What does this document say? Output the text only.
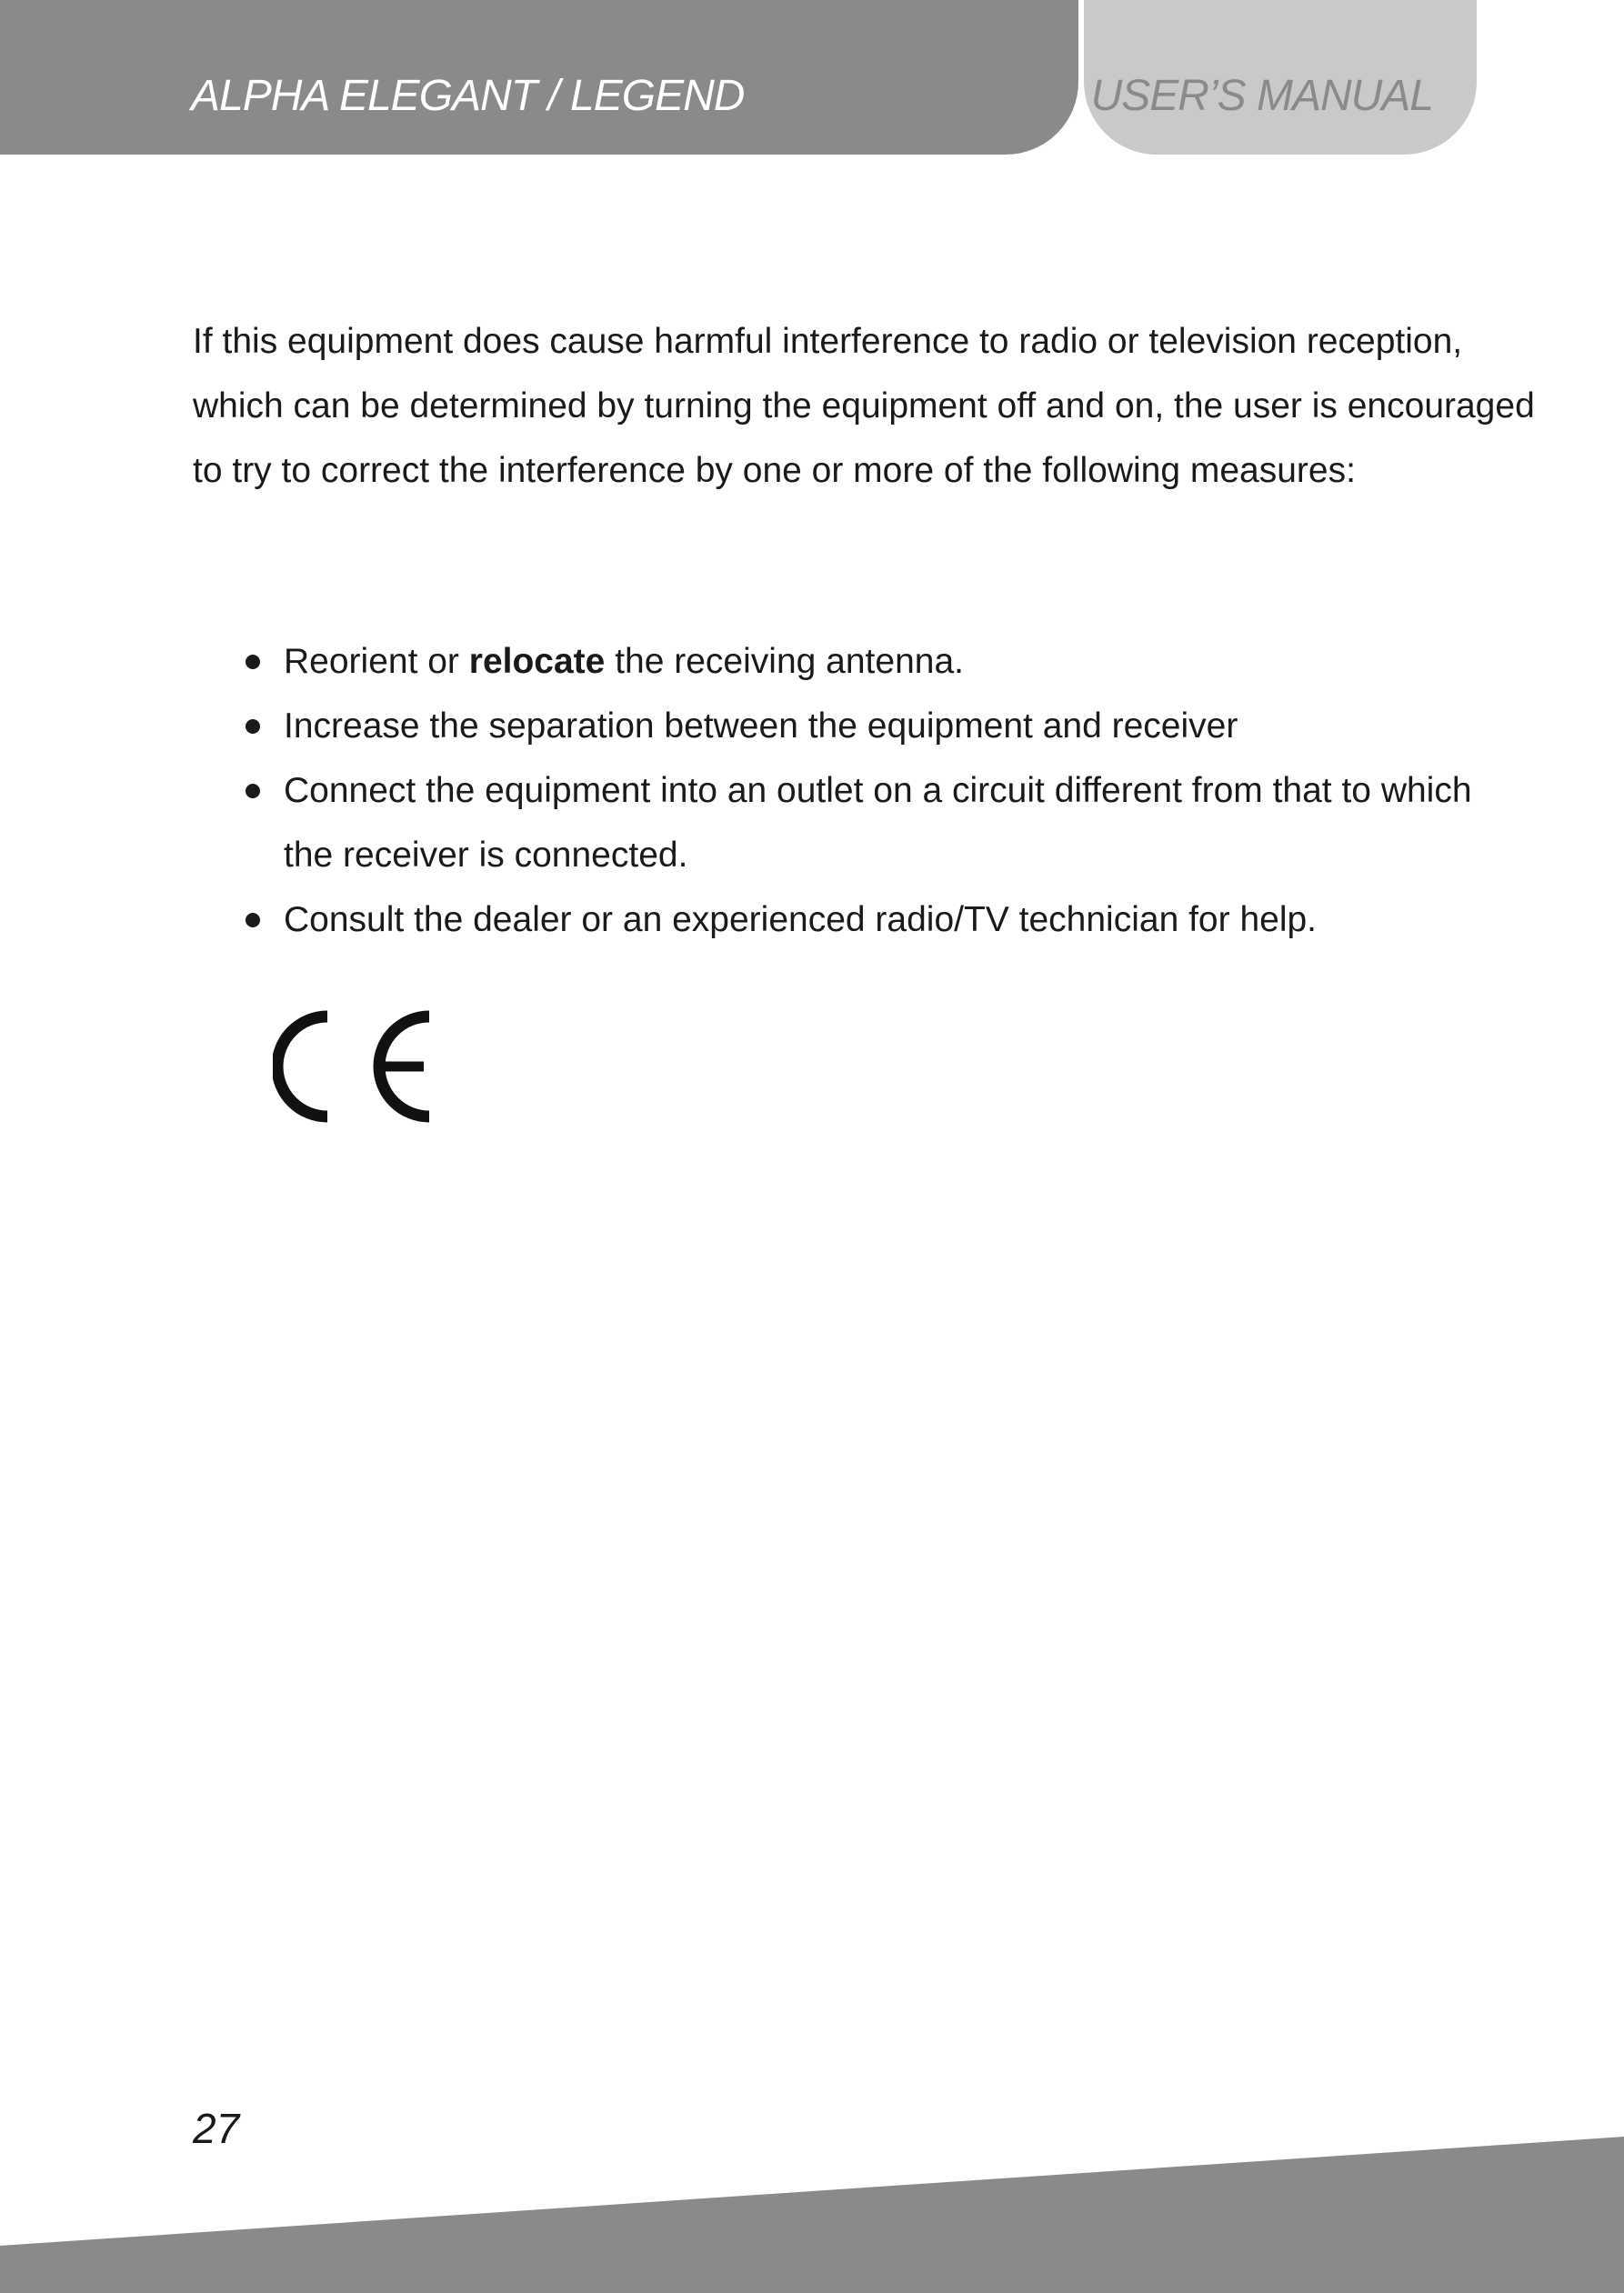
ALPHA ELEGANT / LEGEND	USER’S MANUAL

If this equipment does cause harmful interference to radio or television reception, which can be determined by turning the equipment off and on, the user is encouraged to try to correct the interference by one or more of the following measures:

Reorient or relocate the receiving antenna.
Increase the separation between the equipment and receiver
Connect the equipment into an outlet on a circuit different from that to which the receiver is connected.
Consult the dealer or an experienced radio/TV technician for help.
27
